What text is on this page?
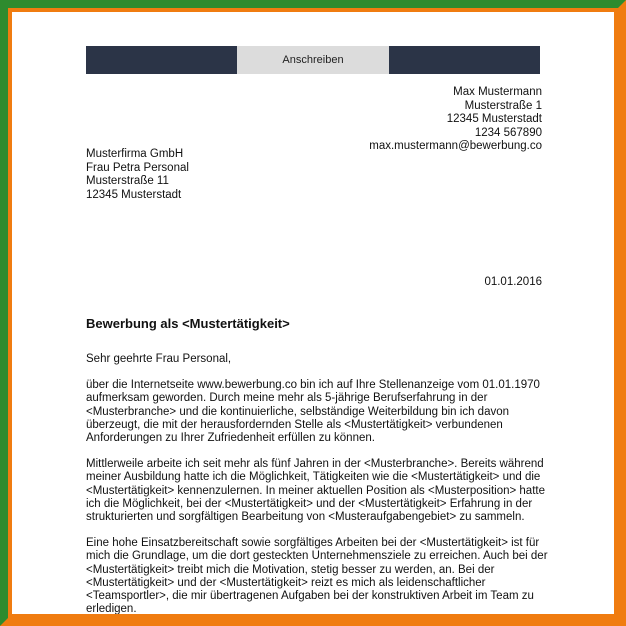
Anschreiben
Max Mustermann
Musterstraße 1
12345 Musterstadt
1234 567890
max.mustermann@bewerbung.co
Musterfirma GmbH
Frau Petra Personal
Musterstraße 11
12345 Musterstadt
01.01.2016
Bewerbung als <Mustertätigkeit>

Sehr geehrte Frau Personal,

über die Internetseite www.bewerbung.co bin ich auf Ihre Stellenanzeige vom 01.01.1970
aufmerksam geworden. Durch meine mehr als 5-jährige Berufserfahrung in der
<Musterbranche> und die kontinuierliche, selbständige Weiterbildung bin ich davon
überzeugt, die mit der herausfordernden Stelle als <Mustertätigkeit> verbundenen
Anforderungen zu Ihrer Zufriedenheit erfüllen zu können.

Mittlerweile arbeite ich seit mehr als fünf Jahren in der <Musterbranche>. Bereits während
meiner Ausbildung hatte ich die Möglichkeit, Tätigkeiten wie die <Mustertätigkeit> und die
<Mustertätigkeit> kennenzulernen. In meiner aktuellen Position als <Musterposition> hatte
ich die Möglichkeit, bei der <Mustertätigkeit> und der <Mustertätigkeit> Erfahrung in der
strukturierten und sorgfältigen Bearbeitung von <Musteraufgabengebiet> zu sammeln.

Eine hohe Einsatzbereitschaft sowie sorgfältiges Arbeiten bei der <Mustertätigkeit> ist für
mich die Grundlage, um die dort gesteckten Unternehmensziele zu erreichen. Auch bei der
<Mustertätigkeit> treibt mich die Motivation, stetig besser zu werden, an. Bei der
<Mustertätigkeit> und der <Mustertätigkeit> reizt es mich als leidenschaftlicher
<Teamsportler>, die mir übertragenen Aufgaben bei der konstruktiven Arbeit im Team zu
erledigen.
